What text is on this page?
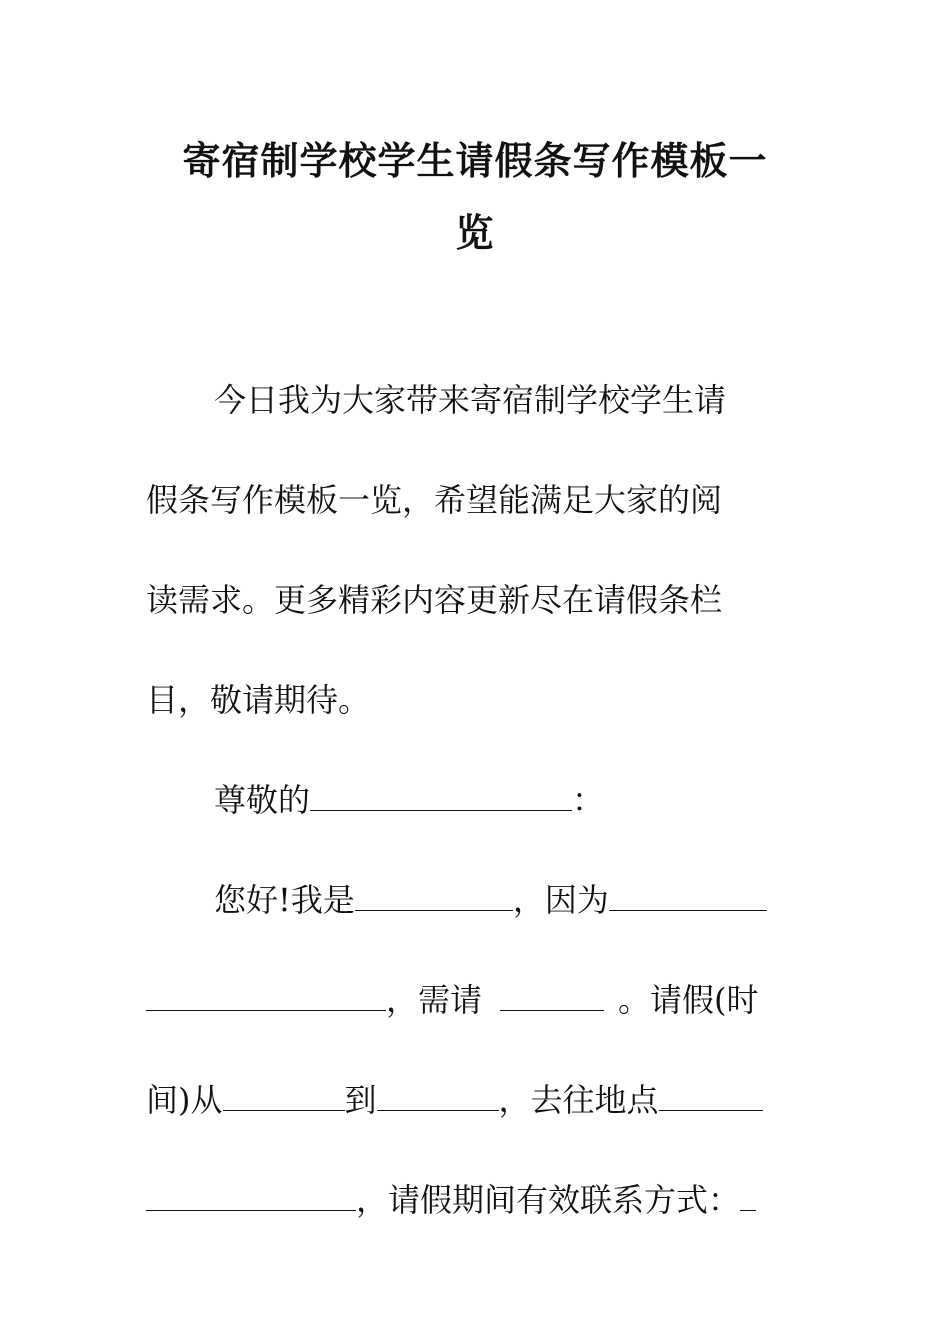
寄宿制学校学生请假条写作模板一
览
今日我为大家带来寄宿制学校学生请
假条写作模板一览，希望能满足大家的阅
读需求。更多精彩内容更新尽在请假条栏
目，敬请期待。
尊敬的	：
您好!我是	，因为
，需请	。请假(时
间)从	到	，去往地点
，请假期间有效联系方式：
